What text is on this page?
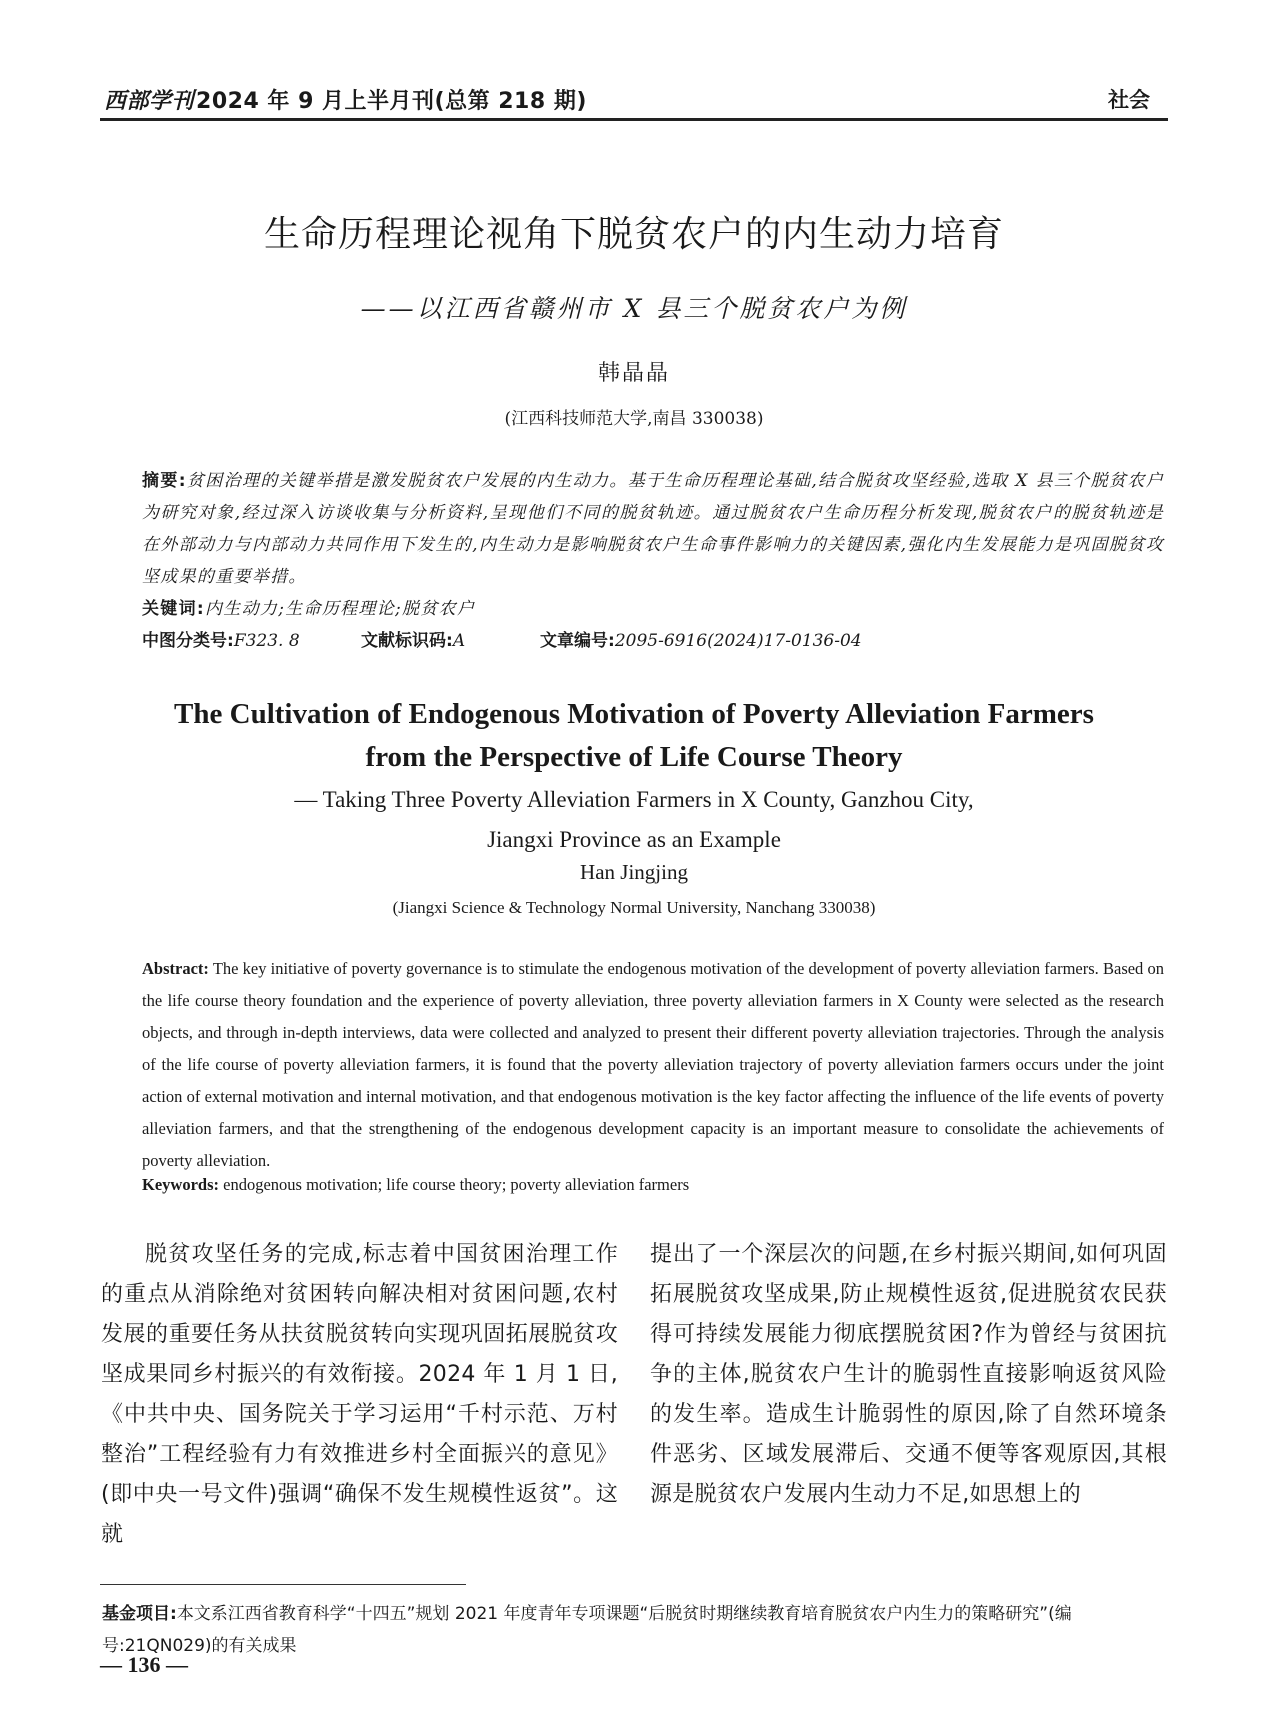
西部学刊2024 年 9 月上半月刊(总第 218 期)	社会
生命历程理论视角下脱贫农户的内生动力培育
——以江西省赣州市 X 县三个脱贫农户为例
韩晶晶
(江西科技师范大学,南昌 330038)
摘要:贫困治理的关键举措是激发脱贫农户发展的内生动力。基于生命历程理论基础,结合脱贫攻坚经验,选取 X 县三个脱贫农户为研究对象,经过深入访谈收集与分析资料,呈现他们不同的脱贫轨迹。通过脱贫农户生命历程分析发现,脱贫农户的脱贫轨迹是在外部动力与内部动力共同作用下发生的,内生动力是影响脱贫农户生命事件影响力的关键因素,强化内生发展能力是巩固脱贫攻坚成果的重要举措。
关键词:内生动力;生命历程理论;脱贫农户
中图分类号:F323. 8	文献标识码:A	文章编号:2095-6916(2024)17-0136-04
The Cultivation of Endogenous Motivation of Poverty Alleviation Farmers
from the Perspective of Life Course Theory
— Taking Three Poverty Alleviation Farmers in X County, Ganzhou City,
Jiangxi Province as an Example
Han Jingjing
(Jiangxi Science & Technology Normal University, Nanchang 330038)
Abstract: The key initiative of poverty governance is to stimulate the endogenous motivation of the development of poverty alleviation farmers. Based on the life course theory foundation and the experience of poverty alleviation, three poverty alleviation farmers in X County were selected as the research objects, and through in-depth interviews, data were collected and analyzed to present their different poverty alleviation trajectories. Through the analysis of the life course of poverty alleviation farmers, it is found that the poverty alleviation trajectory of poverty alleviation farmers occurs under the joint action of external motivation and internal motivation, and that endogenous motivation is the key factor affecting the influence of the life events of poverty alleviation farmers, and that the strengthening of the endogenous development capacity is an important measure to consolidate the achievements of poverty alleviation.
Keywords: endogenous motivation; life course theory; poverty alleviation farmers
脱贫攻坚任务的完成,标志着中国贫困治理工作的重点从消除绝对贫困转向解决相对贫困问题,农村发展的重要任务从扶贫脱贫转向实现巩固拓展脱贫攻坚成果同乡村振兴的有效衔接。2024 年 1 月 1 日,《中共中央、国务院关于学习运用“千村示范、万村整治”工程经验有力有效推进乡村全面振兴的意见》(即中央一号文件)强调“确保不发生规模性返贫”。这就
提出了一个深层次的问题,在乡村振兴期间,如何巩固拓展脱贫攻坚成果,防止规模性返贫,促进脱贫农民获得可持续发展能力彻底摆脱贫困?作为曾经与贫困抗争的主体,脱贫农户生计的脆弱性直接影响返贫风险的发生率。造成生计脆弱性的原因,除了自然环境条件恶劣、区域发展滞后、交通不便等客观原因,其根源是脱贫农户发展内生动力不足,如思想上的
基金项目:本文系江西省教育科学“十四五”规划 2021 年度青年专项课题“后脱贫时期继续教育培育脱贫农户内生力的策略研究”(编号:21QN029)的有关成果
— 136 —
